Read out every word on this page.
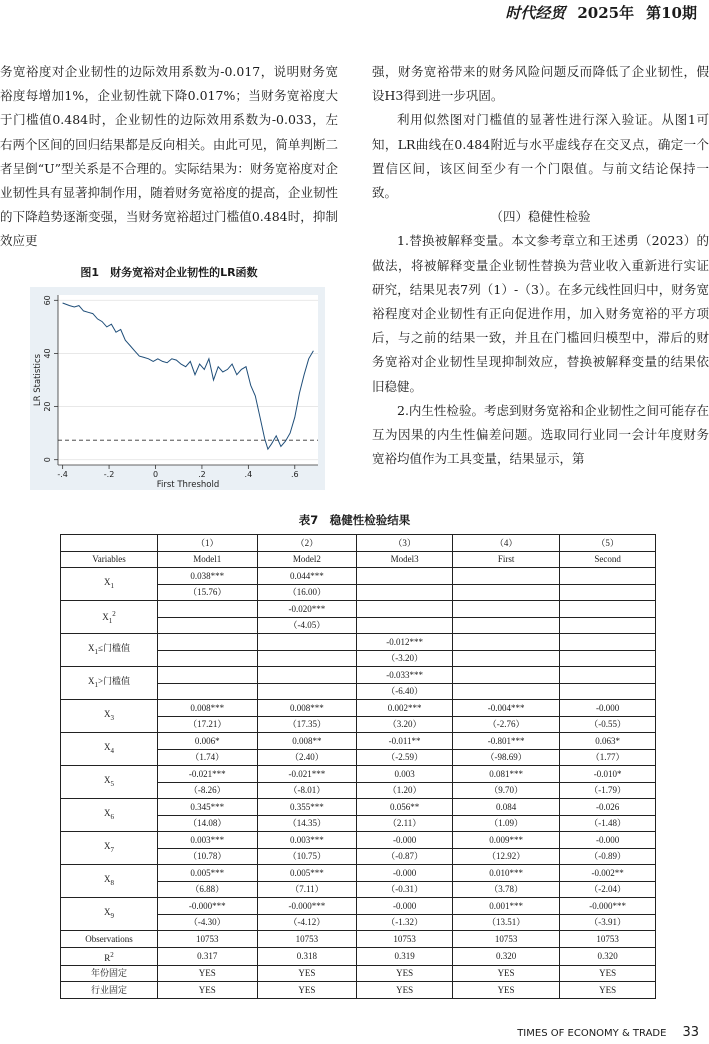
时代经贸 2025年 第10期

务宽裕度对企业韧性的边际效用系数为-0.017，说明财务宽裕度每增加1%，企业韧性就下降0.017%；当财务宽裕度大于门槛值0.484时，企业韧性的边际效用系数为-0.033，左右两个区间的回归结果都是反向相关。由此可见，简单判断二者呈倒“U”型关系是不合理的。实际结果为：财务宽裕度对企业韧性具有显著抑制作用，随着财务宽裕度的提高，企业韧性的下降趋势逐渐变强，当财务宽裕超过门槛值0.484时，抑制效应更

强，财务宽裕带来的财务风险问题反而降低了企业韧性，假设H3得到进一步巩固。

利用似然图对门槛值的显著性进行深入验证。从图1可知，LR曲线在0.484附近与水平虚线存在交叉点，确定一个置信区间，该区间至少有一个门限值。与前文结论保持一致。

（四）稳健性检验

1.替换被解释变量。本文参考章立和王述勇（2023）的做法，将被解释变量企业韧性替换为营业收入重新进行实证研究，结果见表7列（1）-（3）。在多元线性回归中，财务宽裕程度对企业韧性有正向促进作用，加入财务宽裕的平方项后，与之前的结果一致，并且在门槛回归模型中，滞后的财务宽裕对企业韧性呈现抑制效应，替换被解释变量的结果依旧稳健。

2.内生性检验。考虑到财务宽裕和企业韧性之间可能存在互为因果的内生性偏差问题。选取同行业同一会计年度财务宽裕均值作为工具变量，结果显示，第

图1　财务宽裕对企业韧性的LR函数
0
20
40
60
-.4	-.2	0	.2	.4	.6
First Threshold
LR Statistics
表7　稳健性检验结果
	（1）	（2）	（3）	（4）	（5）
Variables	Model1	Model2	Model3	First	Second
$X_1$	0.038***	0.044***			
	（15.76）	（16.00）			
$X_1^2$		-0.020***			
		（-4.05）			
$X_1\le$门槛值			-0.012***		
			（-3.20）		
$X_1>$门槛值			-0.033***		
			（-6.40）		
$X_3$	0.008***	0.008***	0.002***	-0.004***	-0.000
	（17.21）	（17.35）	（3.20）	（-2.76）	（-0.55）
$X_4$	0.006*	0.008**	-0.011**	-0.801***	0.063*
	（1.74）	（2.40）	（-2.59）	（-98.69）	（1.77）
$X_5$	-0.021***	-0.021***	0.003	0.081***	-0.010*
	（-8.26）	（-8.01）	（1.20）	（9.70）	（-1.79）
$X_6$	0.345***	0.355***	0.056**	0.084	-0.026
	（14.08）	（14.35）	（2.11）	（1.09）	（-1.48）
$X_7$	0.003***	0.003***	-0.000	0.009***	-0.000
	（10.78）	（10.75）	（-0.87）	（12.92）	（-0.89）
$X_8$	0.005***	0.005***	-0.000	0.010***	-0.002**
	（6.88）	（7.11）	（-0.31）	（3.78）	（-2.04）
$X_9$	-0.000***	-0.000***	-0.000	0.001***	-0.000***
	（-4.30）	（-4.12）	（-1.32）	（13.51）	（-3.91）
Observations	10753	10753	10753	10753	10753
$R^2$	0.317	0.318	0.319	0.320	0.320
年份固定	YES	YES	YES	YES	YES
行业固定	YES	YES	YES	YES	YES
TIMES OF ECONOMY & TRADE 33
